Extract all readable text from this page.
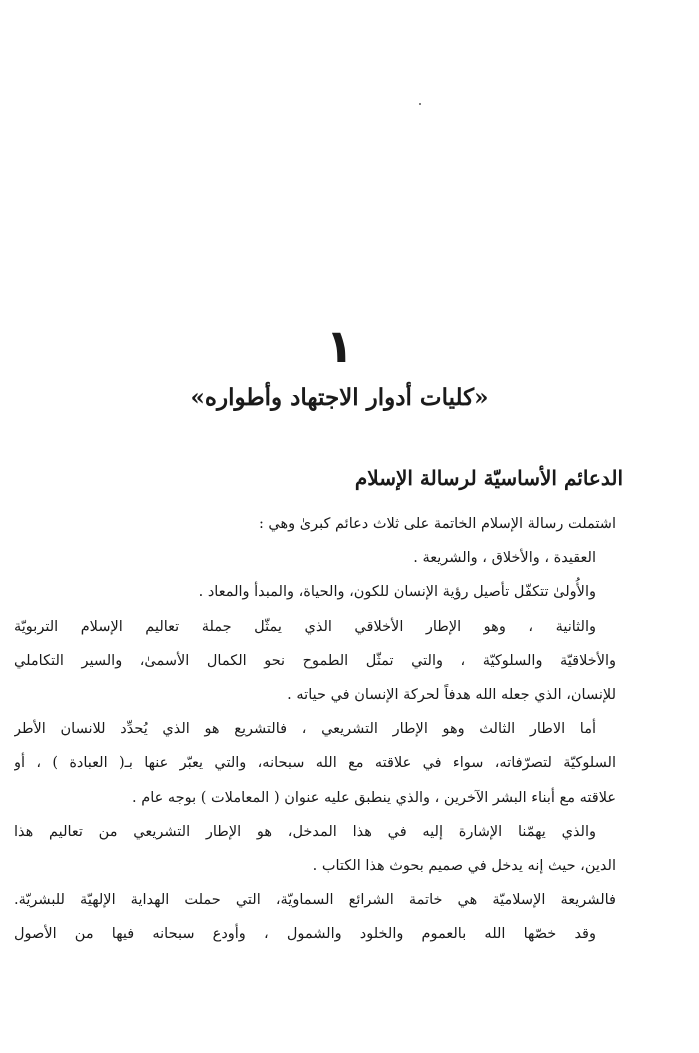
١
«كليات أدوار الاجتهاد وأطواره»
الدعائم الأساسيّة لرسالة الإسلام
اشتملت رسالة الإسلام الخاتمة على ثلاث دعائم كبرىٰ وهي :
العقيدة ، والأخلاق ، والشريعة .
والأُولىٰ تتكفّل تأصيل رؤية الإنسان للكون، والحياة، والمبدأ والمعاد .
والثانية ، وهو الإطار الأخلاقي الذي يمثّل جملة تعاليم الإسلام التربويّة
والأخلاقيّة والسلوكيّة ، والتي تمثّل الطموح نحو الكمال الأسمىٰ، والسير التكاملي
للإنسان، الذي جعله الله هدفاً لحركة الإنسان في حياته .
أما الاطار الثالث وهو الإطار التشريعي ، فالتشريع هو الذي يُحدِّد للانسان الأطر
السلوكيّة لتصرّفاته، سواء في علاقته مع الله سبحانه، والتي يعبّر عنها بـ( العبادة ) ، أو
علاقته مع أبناء البشر الآخرين ، والذي ينطبق عليه عنوان ( المعاملات ) بوجه عام .
والذي يهمّنا الإشارة إليه في هذا المدخل، هو الإطار التشريعي من تعاليم هذا
الدين، حيث إنه يدخل في صميم بحوث هذا الكتاب .
فالشريعة الإسلاميّة هي خاتمة الشرائع السماويّة، التي حملت الهداية الإلهيّة للبشريّة.
وقد خصّها الله بالعموم والخلود والشمول ، وأودع سبحانه فيها من الأصول
